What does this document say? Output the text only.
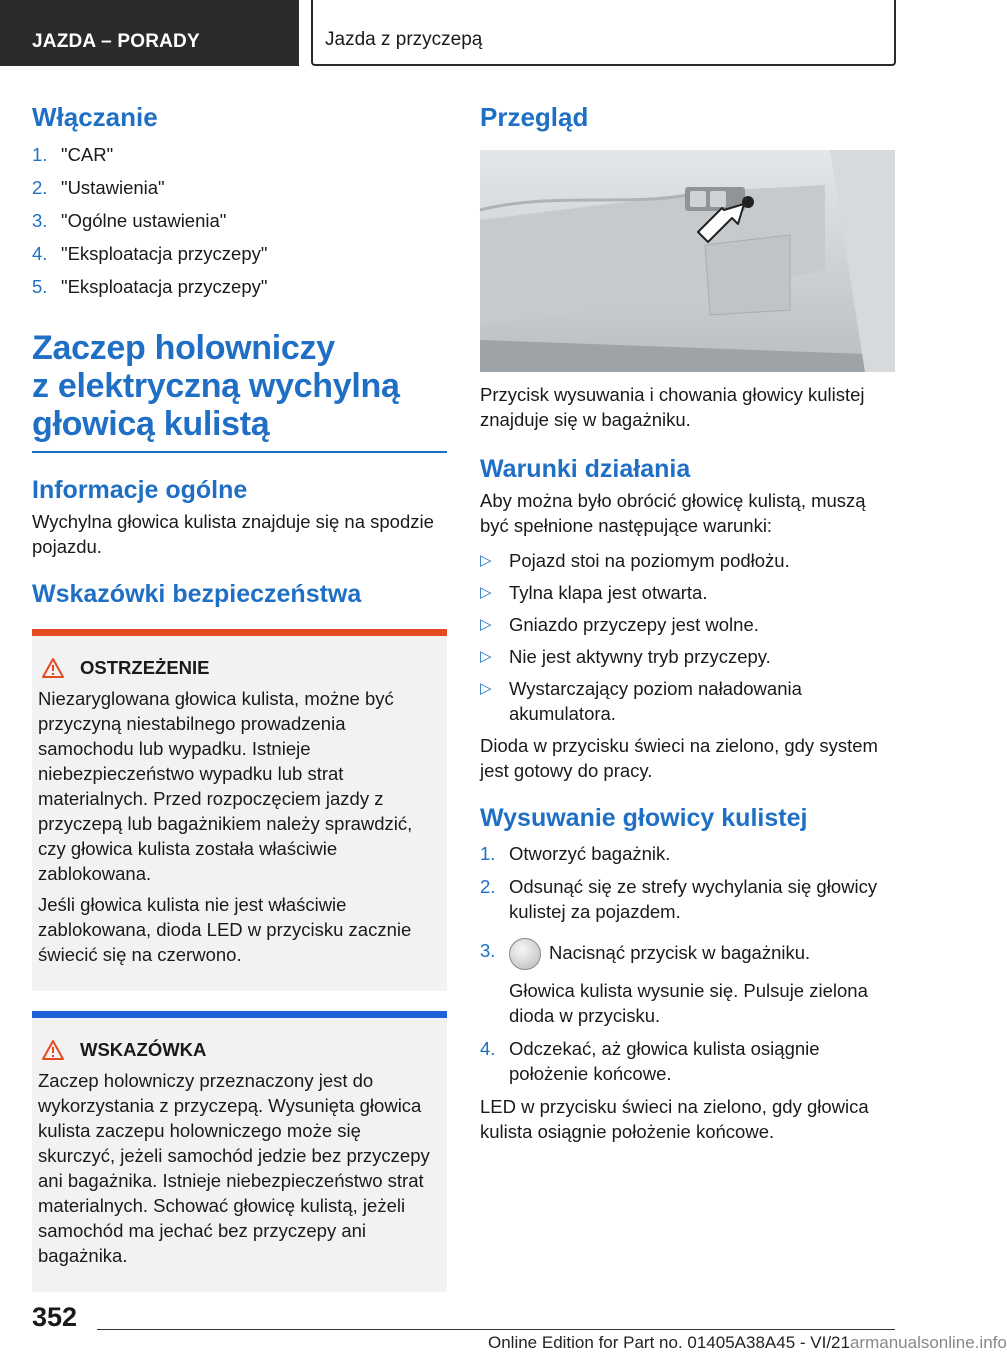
JAZDA – PORADY	Jazda z przyczepą
Włączanie
1. "CAR"
2. "Ustawienia"
3. "Ogólne ustawienia"
4. "Eksploatacja przyczepy"
5. "Eksploatacja przyczepy"
Zaczep holowniczy
z elektryczną wychylną
głowicą kulistą
Informacje ogólne

Wychylna głowica kulista znajduje się na spodzie pojazdu.

Wskazówki bezpieczeństwa
OSTRZEŻENIE

Niezaryglowana głowica kulista, możne być przyczyną niestabilnego prowadzenia samochodu lub wypadku. Istnieje niebezpieczeństwo wypadku lub strat materialnych. Przed rozpoczęciem jazdy z przyczepą lub bagażnikiem należy sprawdzić, czy głowica kulista została właściwie zablokowana.

Jeśli głowica kulista nie jest właściwie zablokowana, dioda LED w przycisku zacznie świecić się na czerwono.

WSKAZÓWKA

Zaczep holowniczy przeznaczony jest do wykorzystania z przyczepą. Wysunięta głowica kulista zaczepu holowniczego może się skurczyć, jeżeli samochód jedzie bez przyczepy ani bagażnika. Istnieje niebezpieczeństwo strat materialnych. Schować głowicę kulistą, jeżeli samochód ma jechać bez przyczepy ani bagażnika.

Przegląd

Przycisk wysuwania i chowania głowicy kulistej znajduje się w bagażniku.

Warunki działania

Aby można było obrócić głowicę kulistą, muszą być spełnione następujące warunki:

▷ Pojazd stoi na poziomym podłożu.
▷ Tylna klapa jest otwarta.
▷ Gniazdo przyczepy jest wolne.
▷ Nie jest aktywny tryb przyczepy.
▷ Wystarczający poziom naładowania akumulatora.

Dioda w przycisku świeci na zielono, gdy system jest gotowy do pracy.

Wysuwanie głowicy kulistej
1. Otworzyć bagażnik.
2. Odsunąć się ze strefy wychylania się głowicy kulistej za pojazdem.
3.	Nacisnąć przycisk w bagażniku.

Głowica kulista wysunie się. Pulsuje zielona dioda w przycisku.

4. Odczekać, aż głowica kulista osiągnie położenie końcowe.

LED w przycisku świeci na zielono, gdy głowica kulista osiągnie położenie końcowe.

352
Online Edition for Part no. 01405A38A45 - VI/21armanualsonline.info
